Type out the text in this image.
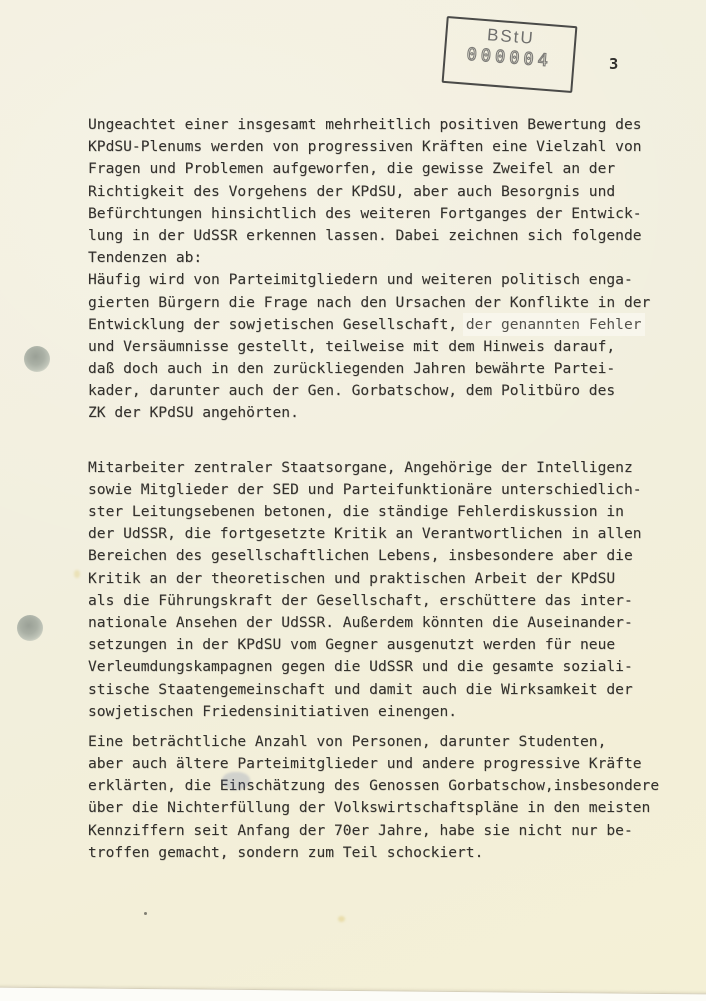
BStU
000004	3
Ungeachtet einer insgesamt mehrheitlich positiven Bewertung des
KPdSU-Plenums werden von progressiven Kräften eine Vielzahl von
Fragen und Problemen aufgeworfen, die gewisse Zweifel an der
Richtigkeit des Vorgehens der KPdSU, aber auch Besorgnis und
Befürchtungen hinsichtlich des weiteren Fortganges der Entwick-
lung in der UdSSR erkennen lassen. Dabei zeichnen sich folgende
Tendenzen ab:
Häufig wird von Parteimitgliedern und weiteren politisch enga-
gierten Bürgern die Frage nach den Ursachen der Konflikte in der
Entwicklung der sowjetischen Gesellschaft, der genannten Fehler
und Versäumnisse gestellt, teilweise mit dem Hinweis darauf,
daß doch auch in den zurückliegenden Jahren bewährte Partei-
kader, darunter auch der Gen. Gorbatschow, dem Politbüro des
ZK der KPdSU angehörten.
Mitarbeiter zentraler Staatsorgane, Angehörige der Intelligenz
sowie Mitglieder der SED und Parteifunktionäre unterschiedlich-
ster Leitungsebenen betonen, die ständige Fehlerdiskussion in
der UdSSR, die fortgesetzte Kritik an Verantwortlichen in allen
Bereichen des gesellschaftlichen Lebens, insbesondere aber die
Kritik an der theoretischen und praktischen Arbeit der KPdSU
als die Führungskraft der Gesellschaft, erschüttere das inter-
nationale Ansehen der UdSSR. Außerdem könnten die Auseinander-
setzungen in der KPdSU vom Gegner ausgenutzt werden für neue
Verleumdungskampagnen gegen die UdSSR und die gesamte soziali-
stische Staatengemeinschaft und damit auch die Wirksamkeit der
sowjetischen Friedensinitiativen einengen.
Eine beträchtliche Anzahl von Personen, darunter Studenten,
aber auch ältere Parteimitglieder und andere progressive Kräfte
erklärten, die Einschätzung des Genossen Gorbatschow,insbesondere
über die Nichterfüllung der Volkswirtschaftspläne in den meisten
Kennziffern seit Anfang der 70er Jahre, habe sie nicht nur be-
troffen gemacht, sondern zum Teil schockiert.
